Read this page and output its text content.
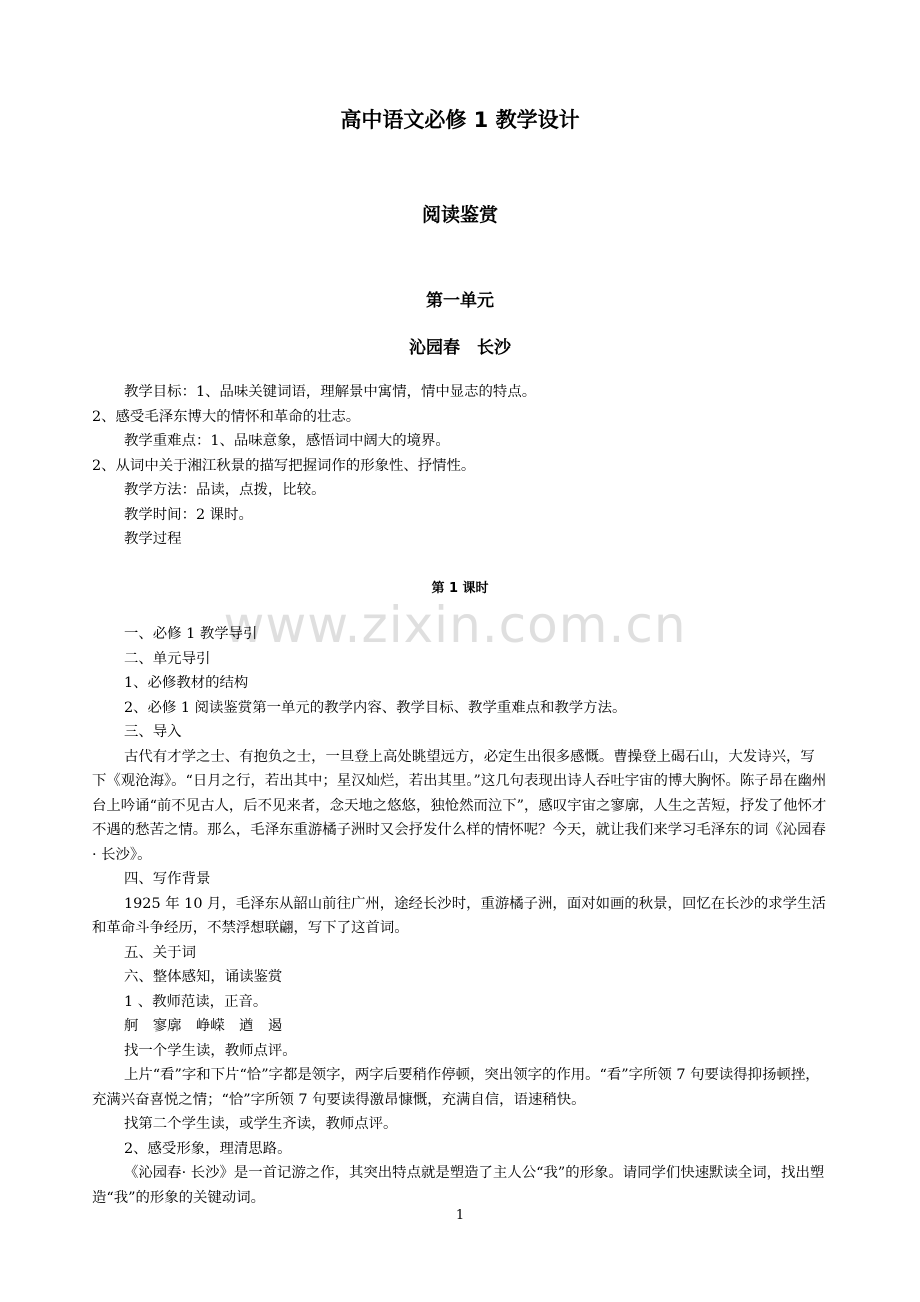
高中语文必修 1 教学设计
阅读鉴赏
第一单元
沁园春　长沙

教学目标：1、品味关键词语，理解景中寓情，情中显志的特点。

2、感受毛泽东博大的情怀和革命的壮志。

教学重难点：1、品味意象，感悟词中阔大的境界。

2、从词中关于湘江秋景的描写把握词作的形象性、抒情性。

教学方法：品读，点拨，比较。

教学时间：2 课时。

教学过程

第 1 课时
www.zixin.com.cn

一、必修 1 教学导引

二、单元导引

1、必修教材的结构

2、必修 1 阅读鉴赏第一单元的教学内容、教学目标、教学重难点和教学方法。

三、导入

古代有才学之士、有抱负之士，一旦登上高处眺望远方，必定生出很多感慨。曹操登上碣石山，大发诗兴，写下《观沧海》。“日月之行，若出其中；星汉灿烂，若出其里。”这几句表现出诗人吞吐宇宙的博大胸怀。陈子昂在幽州台上吟诵“前不见古人，后不见来者，念天地之悠悠，独怆然而泣下”，感叹宇宙之寥廓，人生之苦短，抒发了他怀才不遇的愁苦之情。那么，毛泽东重游橘子洲时又会抒发什么样的情怀呢？今天，就让我们来学习毛泽东的词《沁园春· 长沙》。

四、写作背景

1925 年 10 月，毛泽东从韶山前往广州，途经长沙时，重游橘子洲，面对如画的秋景，回忆在长沙的求学生活和革命斗争经历，不禁浮想联翩，写下了这首词。

五、关于词

六、整体感知，诵读鉴赏

1 、教师范读，正音。

舸　寥廓　峥嵘　遒　遏

找一个学生读，教师点评。

上片“看”字和下片“恰”字都是领字，两字后要稍作停顿，突出领字的作用。“看”字所领 7 句要读得抑扬顿挫，充满兴奋喜悦之情；“恰”字所领 7 句要读得激昂慷慨，充满自信，语速稍快。

找第二个学生读，或学生齐读，教师点评。

2、感受形象，理清思路。

《沁园春· 长沙》是一首记游之作，其突出特点就是塑造了主人公“我”的形象。请同学们快速默读全词，找出塑造“我”的形象的关键动词。

1
